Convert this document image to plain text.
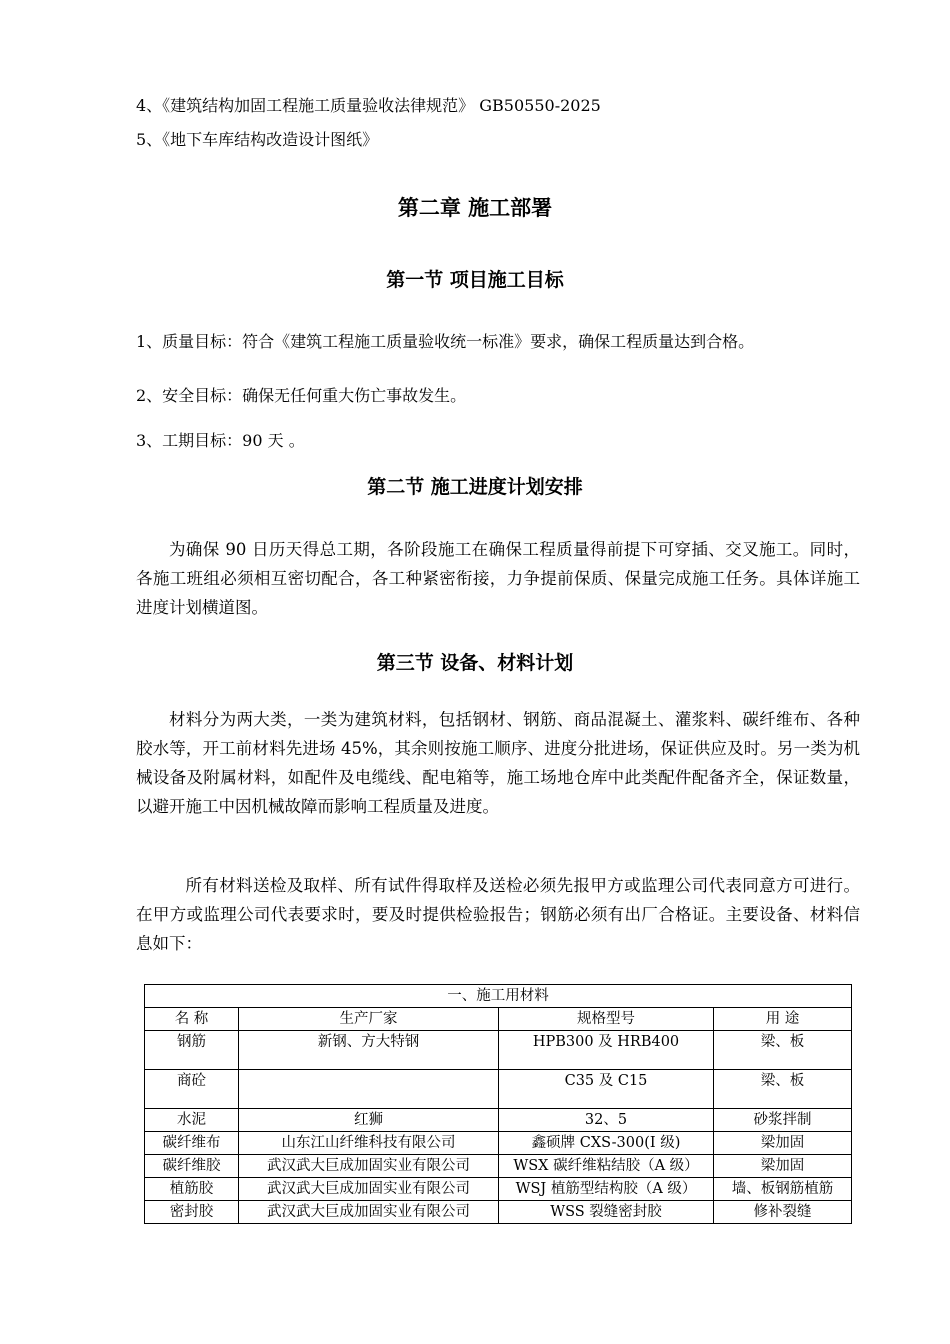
4、《建筑结构加固工程施工质量验收法律规范》 GB50550-2025
5、《地下车库结构改造设计图纸》
第二章 施工部署
第一节 项目施工目标
1、质量目标：符合《建筑工程施工质量验收统一标准》要求，确保工程质量达到合格。
2、安全目标：确保无任何重大伤亡事故发生。
3、工期目标：90 天 。
第二节 施工进度计划安排

为确保 90 日历天得总工期，各阶段施工在确保工程质量得前提下可穿插、交叉施工。同时，各施工班组必须相互密切配合，各工种紧密衔接，力争提前保质、保量完成施工任务。具体详施工进度计划横道图。

第三节 设备、材料计划

材料分为两大类，一类为建筑材料，包括钢材、钢筋、商品混凝土、灌浆料、碳纤维布、各种胶水等，开工前材料先进场 45%，其余则按施工顺序、进度分批进场，保证供应及时。另一类为机械设备及附属材料，如配件及电缆线、配电箱等，施工场地仓库中此类配件配备齐全，保证数量，以避开施工中因机械故障而影响工程质量及进度。

所有材料送检及取样、所有试件得取样及送检必须先报甲方或监理公司代表同意方可进行。在甲方或监理公司代表要求时，要及时提供检验报告；钢筋必须有出厂合格证。主要设备、材料信息如下：

一、施工用材料			
名 称	生产厂家	规格型号	用 途
钢筋	新钢、方大特钢	HPB300 及 HRB400	梁、板
商砼		C35 及 C15	梁、板
水泥	红狮	32、5	砂浆拌制
碳纤维布	山东江山纤维科技有限公司	鑫硕牌 CXS-300(I 级)	梁加固
碳纤维胶	武汉武大巨成加固实业有限公司	WSX 碳纤维粘结胶（A 级）	梁加固
植筋胶	武汉武大巨成加固实业有限公司	WSJ 植筋型结构胶（A 级）	墙、板钢筋植筋
密封胶	武汉武大巨成加固实业有限公司	WSS 裂缝密封胶	修补裂缝
